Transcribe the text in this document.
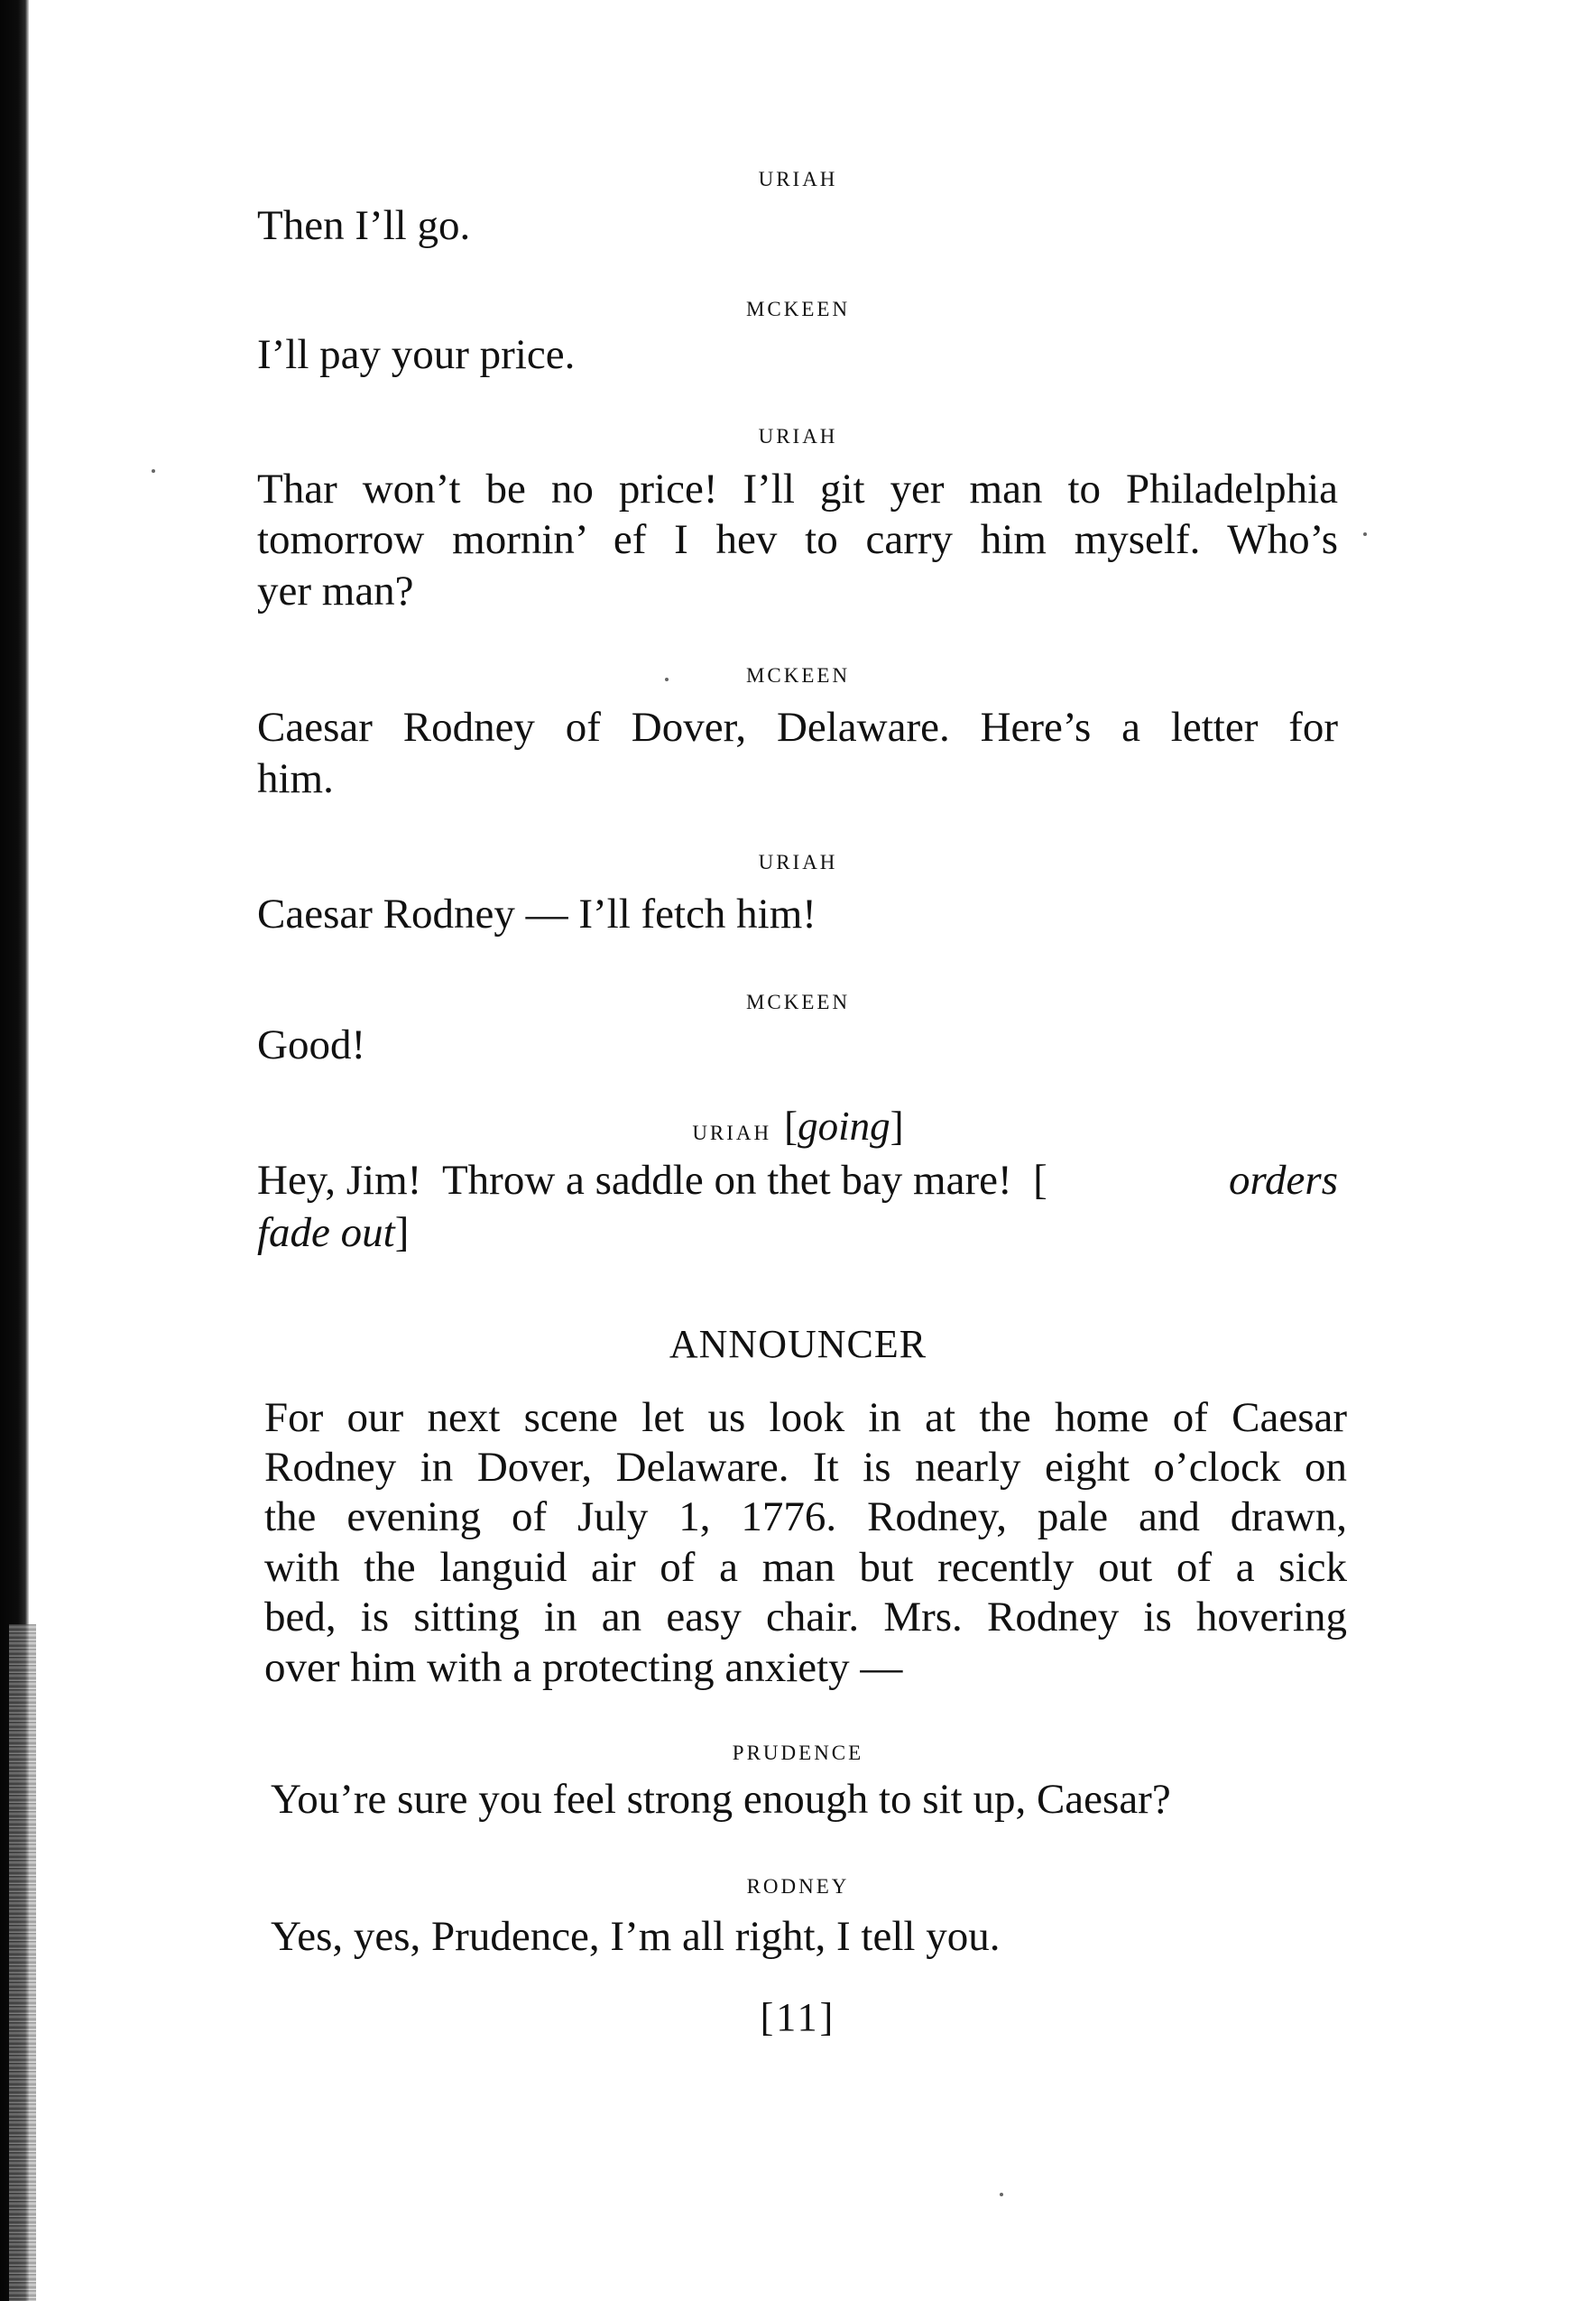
uriah
Then I’ll go.
mckeen
I’ll pay your price.
uriah
Thar won’t be no price! I’ll git yer man to Philadelphia
tomorrow mornin’ ef I hev to carry him myself. Who’s
yer man?
mckeen
Caesar Rodney of Dover, Delaware. Here’s a letter for
him.
uriah
Caesar Rodney — I’ll fetch him!
mckeen
Good!
uriah [going]
Hey, Jim!  Throw a saddle on thet bay mare!  [	orders
fade out]
ANNOUNCER
For our next scene let us look in at the home of Caesar
Rodney in Dover, Delaware. It is nearly eight o’clock on
the evening of July 1, 1776. Rodney, pale and drawn,
with the languid air of a man but recently out of a sick
bed, is sitting in an easy chair. Mrs. Rodney is hovering
over him with a protecting anxiety —
prudence
You’re sure you feel strong enough to sit up, Caesar?
rodney
Yes, yes, Prudence, I’m all right, I tell you.
[11]
